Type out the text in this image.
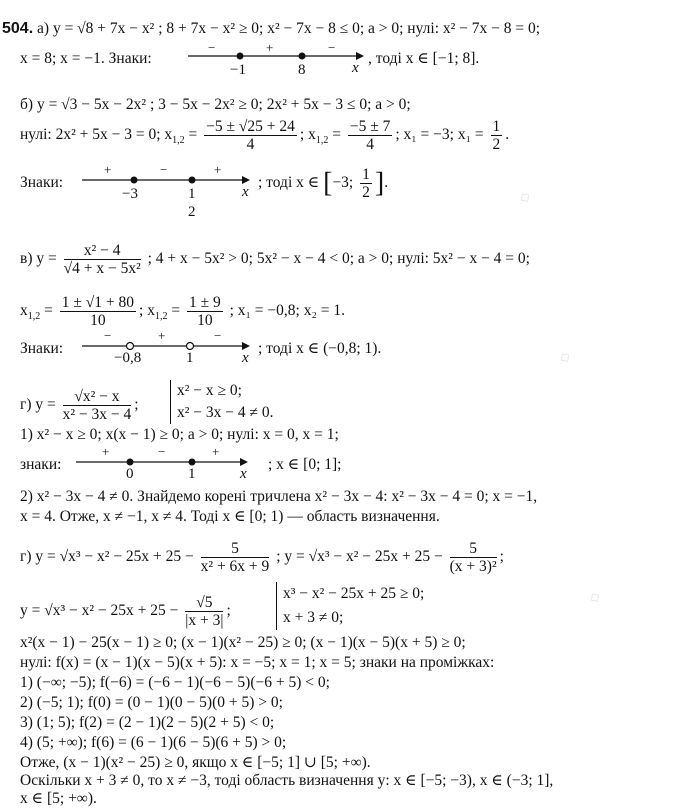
◇
◇
◇
504. а) y = √8 + 7x − x² ; 8 + 7x − x² ≥ 0; x² − 7x − 8 ≤ 0; a > 0; нулі: x² − 7x − 8 = 0;
x = 8; x = −1. Знаки:
−	+	−
−1	8	x
, тоді x ∈ [−1; 8].
б) y = √3 − 5x − 2x² ; 3 − 5x − 2x² ≥ 0; 2x² + 5x − 3 ≤ 0; a > 0;
нулі: 2x² + 5x − 3 = 0; $x_{1,2} = \frac{-5 \pm √25 + 24}{4}$ ; $x_{1,2} = \frac{-5 \pm 7}{4}$ ; x₁ = −3; $x_1 = \frac{1}{2}$ .
Знаки:
+	−	+
−3	1
2
x
; тоді x ∈ [−3; $\frac{1}{2}$ ].
в) $y = \frac{\text{x² − 4}}{\text{√4 + x − 5x²}}$ ; 4 + x − 5x² > 0; 5x² − x − 4 < 0; a > 0; нулі: 5x² − x − 4 = 0;
$x_{1,2} = \frac{1 \pm √1 + 80}{10}$ ; $x_{1,2} = \frac{1 \pm 9}{10}$ ; x₁ = −0,8; x₂ = 1.
Знаки:
−	+	−
−0,8	1	x
; тоді x ∈ (−0,8; 1).
г) $y = \frac{\text{√x² − x}}{\text{x² − 3x − 4}}$ ;
x² − x ≥ 0;
x² − 3x − 4 ≠ 0.
1) x² − x ≥ 0; x(x − 1) ≥ 0; a > 0; нулі: x = 0, x = 1;
знаки:
+	−	+
0	1	x
; x ∈ [0; 1];
2) x² − 3x − 4 ≠ 0. Знайдемо корені тричлена x² − 3x − 4: x² − 3x − 4 = 0; x = −1,
x = 4. Отже, x ≠ −1, x ≠ 4. Тоді x ∈ [0; 1) — область визначення.
г) $y = √x^3 - x^2 - 25x + 25 - \frac{5}{\text{x² + 6x + 9}}$ ; $y = √x^3 - x^2 - 25x + 25 - \frac{5}{\text{(x + 3)²}}$ ;
$y = √x^3 - x^2 - 25x + 25 - \frac{√5}{|x + 3|}$ ;
x³ − x² − 25x + 25 ≥ 0;
x + 3 ≠ 0;
x²(x − 1) − 25(x − 1) ≥ 0; (x − 1)(x² − 25) ≥ 0; (x − 1)(x − 5)(x + 5) ≥ 0;
нулі: f(x) = (x − 1)(x − 5)(x + 5): x = −5; x = 1; x = 5; знаки на проміжках:
1) (−∞; −5); f(−6) = (−6 − 1)(−6 − 5)(−6 + 5) < 0;
2) (−5; 1); f(0) = (0 − 1)(0 − 5)(0 + 5) > 0;
3) (1; 5); f(2) = (2 − 1)(2 − 5)(2 + 5) < 0;
4) (5; +∞); f(6) = (6 − 1)(6 − 5)(6 + 5) > 0;
Отже, (x − 1)(x² − 25) ≥ 0, якщо x ∈ [−5; 1] ∪ [5; +∞).
Оскільки x + 3 ≠ 0, то x ≠ −3, тоді область визначення y: x ∈ [−5; −3), x ∈ (−3; 1],
x ∈ [5; +∞).
